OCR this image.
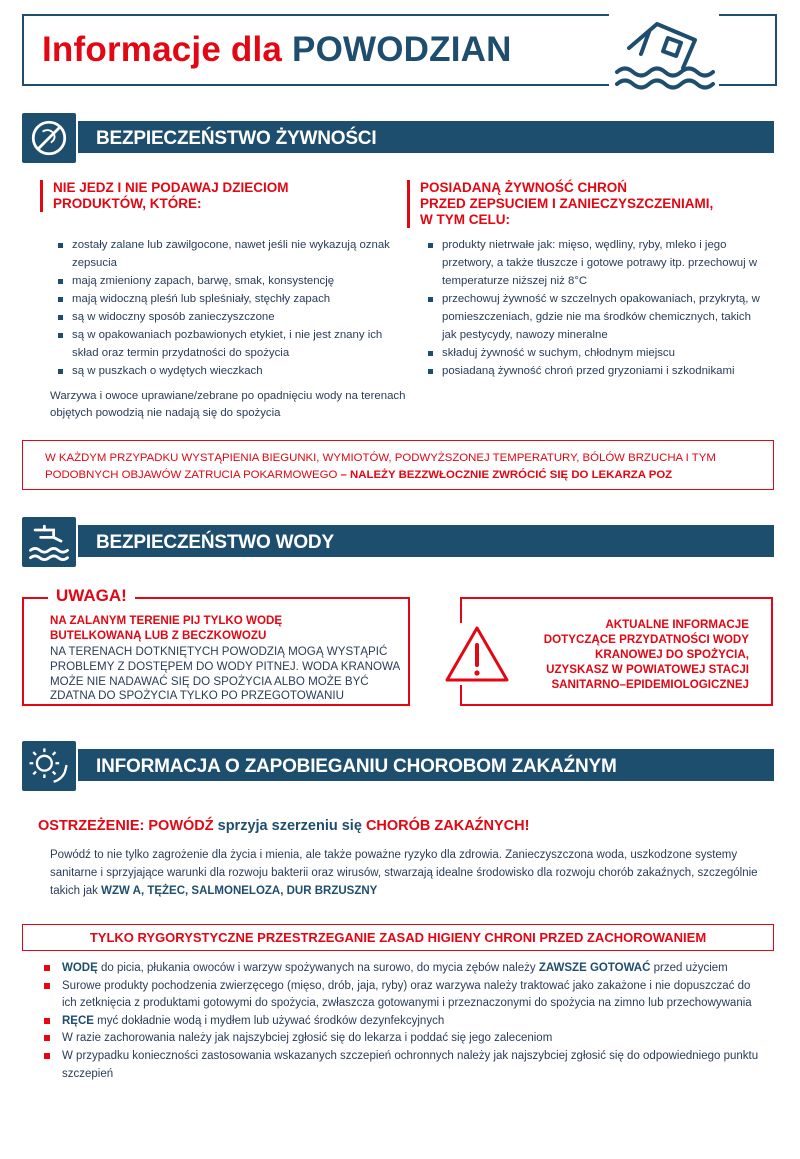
Informacje dla POWODZIAN
BEZPIECZEŃSTWO ŻYWNOŚCI
NIE JEDZ I NIE PODAWAJ DZIECIOM
PRODUKTÓW, KTÓRE:
zostały zalane lub zawilgocone, nawet jeśli nie wykazują oznak zepsucia
mają zmieniony zapach, barwę, smak, konsystencję
mają widoczną pleśń lub spleśniały, stęchły zapach
są w widoczny sposób zanieczyszczone
są w opakowaniach pozbawionych etykiet, i nie jest znany ich skład oraz termin przydatności do spożycia
są w puszkach o wydętych wieczkach
Warzywa i owoce uprawiane/zebrane po opadnięciu wody na terenach objętych powodzią nie nadają się do spożycia
POSIADANĄ ŻYWNOŚĆ CHROŃ
PRZED ZEPSUCIEM I ZANIECZYSZCZENIAMI,
W TYM CELU:
produkty nietrwałe jak: mięso, wędliny, ryby, mleko i jego przetwory, a także tłuszcze i gotowe potrawy itp. przechowuj w temperaturze niższej niż 8°C
przechowuj żywność w szczelnych opakowaniach, przykrytą, w pomieszczeniach, gdzie nie ma środków chemicznych, takich jak pestycydy, nawozy mineralne
składuj żywność w suchym, chłodnym miejscu
posiadaną żywność chroń przed gryzoniami i szkodnikami
W KAŻDYM PRZYPADKU WYSTĄPIENIA BIEGUNKI, WYMIOTÓW, PODWYŻSZONEJ TEMPERATURY, BÓLÓW BRZUCHA I TYM PODOBNYCH OBJAWÓW ZATRUCIA POKARMOWEGO – NALEŻY BEZZWŁOCZNIE ZWRÓCIĆ SIĘ DO LEKARZA POZ
BEZPIECZEŃSTWO WODY
UWAGA!
NA ZALANYM TERENIE PIJ TYLKO WODĘ
BUTELKOWANĄ LUB Z BECZKOWOZU
NA TERENACH DOTKNIĘTYCH POWODZIĄ MOGĄ WYSTĄPIĆ PROBLEMY Z DOSTĘPEM DO WODY PITNEJ. WODA KRANOWA MOŻE NIE NADAWAĆ SIĘ DO SPOŻYCIA ALBO MOŻE BYĆ ZDATNA DO SPOŻYCIA TYLKO PO PRZEGOTOWANIU
AKTUALNE INFORMACJE DOTYCZĄCE PRZYDATNOŚCI WODY KRANOWEJ DO SPOŻYCIA, UZYSKASZ W POWIATOWEJ STACJI SANITARNO–EPIDEMIOLOGICZNEJ
INFORMACJA O ZAPOBIEGANIU CHOROBOM ZAKAŹNYM
OSTRZEŻENIE: POWÓDŹ sprzyja szerzeniu się CHORÓB ZAKAŹNYCH!
Powódź to nie tylko zagrożenie dla życia i mienia, ale także poważne ryzyko dla zdrowia. Zanieczyszczona woda, uszkodzone systemy sanitarne i sprzyjające warunki dla rozwoju bakterii oraz wirusów, stwarzają idealne środowisko dla rozwoju chorób zakaźnych, szczególnie takich jak WZW A, TĘŻEC, SALMONELOZA, DUR BRZUSZNY
TYLKO RYGORYSTYCZNE PRZESTRZEGANIE ZASAD HIGIENY CHRONI PRZED ZACHOROWANIEM
WODĘ do picia, płukania owoców i warzyw spożywanych na surowo, do mycia zębów należy ZAWSZE GOTOWAĆ przed użyciem
Surowe produkty pochodzenia zwierzęcego (mięso, drób, jaja, ryby) oraz warzywa należy traktować jako zakażone i nie dopuszczać do ich zetknięcia z produktami gotowymi do spożycia, zwłaszcza gotowanymi i przeznaczonymi do spożycia na zimno lub przechowywania
RĘCE myć dokładnie wodą i mydłem lub używać środków dezynfekcyjnych
W razie zachorowania należy jak najszybciej zgłosić się do lekarza i poddać się jego zaleceniom
W przypadku konieczności zastosowania wskazanych szczepień ochronnych należy jak najszybciej zgłosić się do odpowiedniego punktu szczepień
